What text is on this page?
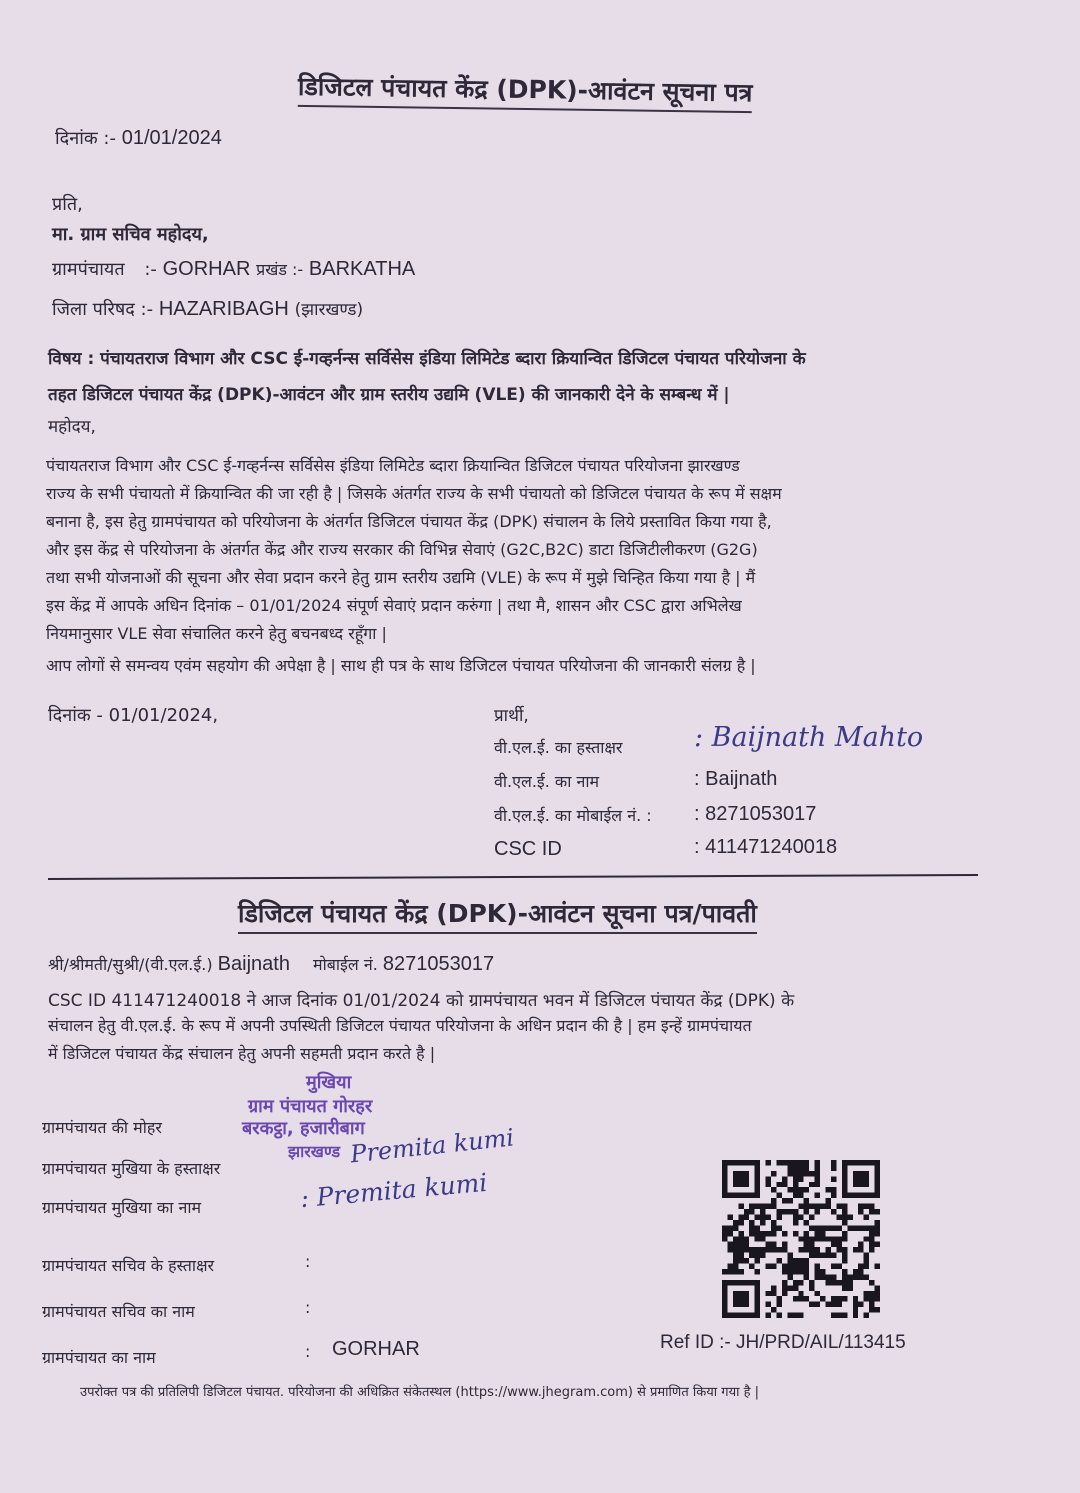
डिजिटल पंचायत केंद्र (DPK)-आवंटन सूचना पत्र
दिनांक :- 01/01/2024
प्रति,
मा. ग्राम सचिव महोदय,
ग्रामपंचायत :- GORHAR प्रखंड :- BARKATHA
जिला परिषद :- HAZARIBAGH (झारखण्ड)
विषय : पंचायतराज विभाग और CSC ई-गव्हर्नन्स सर्विसेस इंडिया लिमिटेड ब्दारा क्रियान्वित डिजिटल पंचायत परियोजना के
तहत डिजिटल पंचायत केंद्र (DPK)-आवंटन और ग्राम स्तरीय उद्यमि (VLE) की जानकारी देने के सम्बन्ध में |
महोदय,
पंचायतराज विभाग और CSC ई-गव्हर्नन्स सर्विसेस इंडिया लिमिटेड ब्दारा क्रियान्वित डिजिटल पंचायत परियोजना झारखण्ड
राज्य के सभी पंचायतो में क्रियान्वित की जा रही है | जिसके अंतर्गत राज्य के सभी पंचायतो को डिजिटल पंचायत के रूप में सक्षम
बनाना है, इस हेतु ग्रामपंचायत को परियोजना के अंतर्गत डिजिटल पंचायत केंद्र (DPK) संचालन के लिये प्रस्तावित किया गया है,
और इस केंद्र से परियोजना के अंतर्गत केंद्र और राज्य सरकार की विभिन्न सेवाएं (G2C,B2C) डाटा डिजिटीलीकरण (G2G)
तथा सभी योजनाओं की सूचना और सेवा प्रदान करने हेतु ग्राम स्तरीय उद्यमि (VLE) के रूप में मुझे चिन्हित किया गया है | मैं
इस केंद्र में आपके अधिन दिनांक – 01/01/2024 संपूर्ण सेवाएं प्रदान करुंगा | तथा मै, शासन और CSC द्वारा अभिलेख
नियमानुसार VLE सेवा संचालित करने हेतु बचनबध्द रहूँगा |
आप लोगों से समन्वय एवंम सहयोग की अपेक्षा है | साथ ही पत्र के साथ डिजिटल पंचायत परियोजना की जानकारी संलग्र है |
दिनांक - 01/01/2024,	प्रार्थी,
वी.एल.ई. का हस्ताक्षर	: Baijnath Mahto
वी.एल.ई. का नाम	: Baijnath
वी.एल.ई. का मोबाईल नं. : : 8271053017
CSC ID	: 411471240018
डिजिटल पंचायत केंद्र (DPK)-आवंटन सूचना पत्र/पावती
श्री/श्रीमती/सुश्री/(वी.एल.ई.) Baijnath मोबाईल नं. 8271053017
CSC ID 411471240018 ने आज दिनांक 01/01/2024 को ग्रामपंचायत भवन में डिजिटल पंचायत केंद्र (DPK) के
संचालन हेतु वी.एल.ई. के रूप में अपनी उपस्थिती डिजिटल पंचायत परियोजना के अधिन प्रदान की है | हम इन्हें ग्रामपंचायत
में डिजिटल पंचायत केंद्र संचालन हेतु अपनी सहमती प्रदान करते है |
मुखिया
ग्राम पंचायत गोरहर
बरकट्ठा, हजारीबाग
झारखण्ड
ग्रामपंचायत की मोहर
ग्रामपंचायत मुखिया के हस्ताक्षर	Premita kumi
ग्रामपंचायत मुखिया का नाम	: Premita kumi
ग्रामपंचायत सचिव के हस्ताक्षर	:
ग्रामपंचायत सचिव का नाम	:
ग्रामपंचायत का नाम	: GORHAR	Ref ID :- JH/PRD/AIL/113415
उपरोक्त पत्र की प्रतिलिपी डिजिटल पंचायत. परियोजना की अधिक्रित संकेतस्थल (https://www.jhegram.com) से प्रमाणित किया गया है |
